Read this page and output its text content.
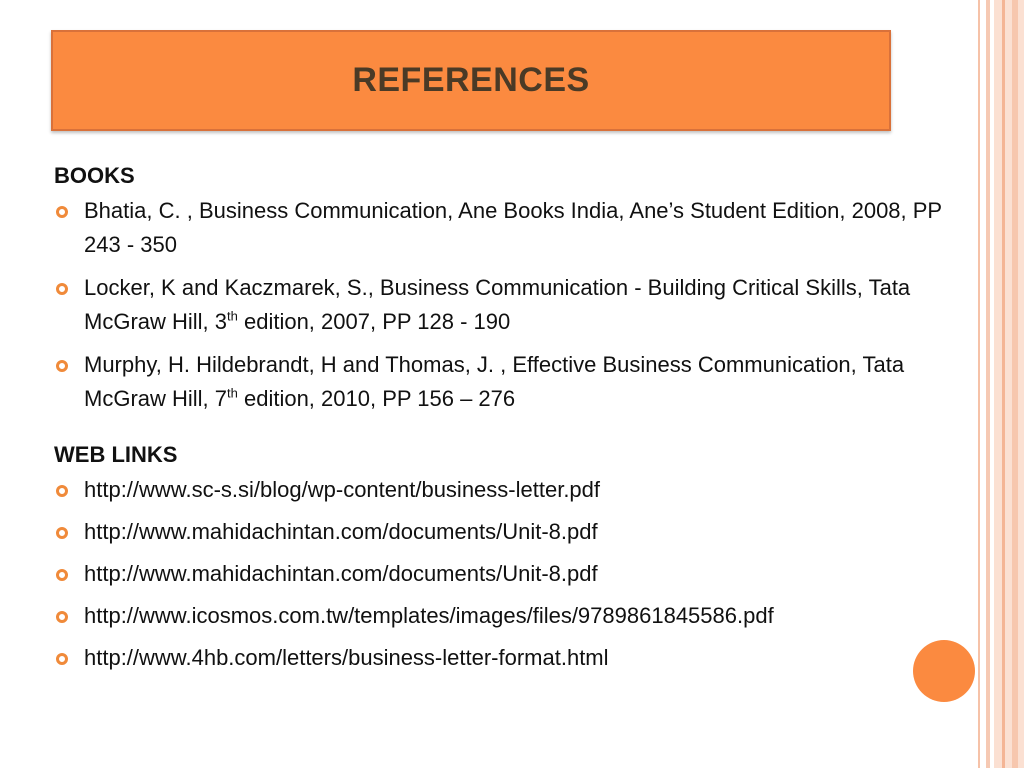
REFERENCES
BOOKS
Bhatia, C. , Business Communication, Ane Books India, Ane’s Student Edition, 2008, PP 243 - 350
Locker, K and Kaczmarek, S., Business Communication - Building Critical Skills, Tata McGraw Hill, 3th edition, 2007, PP 128 - 190
Murphy, H. Hildebrandt, H and Thomas, J. , Effective Business Communication, Tata McGraw Hill, 7th edition, 2010, PP 156 – 276
WEB LINKS
http://www.sc-s.si/blog/wp-content/business-letter.pdf
http://www.mahidachintan.com/documents/Unit-8.pdf
http://www.mahidachintan.com/documents/Unit-8.pdf
http://www.icosmos.com.tw/templates/images/files/9789861845586.pdf
http://www.4hb.com/letters/business-letter-format.html
